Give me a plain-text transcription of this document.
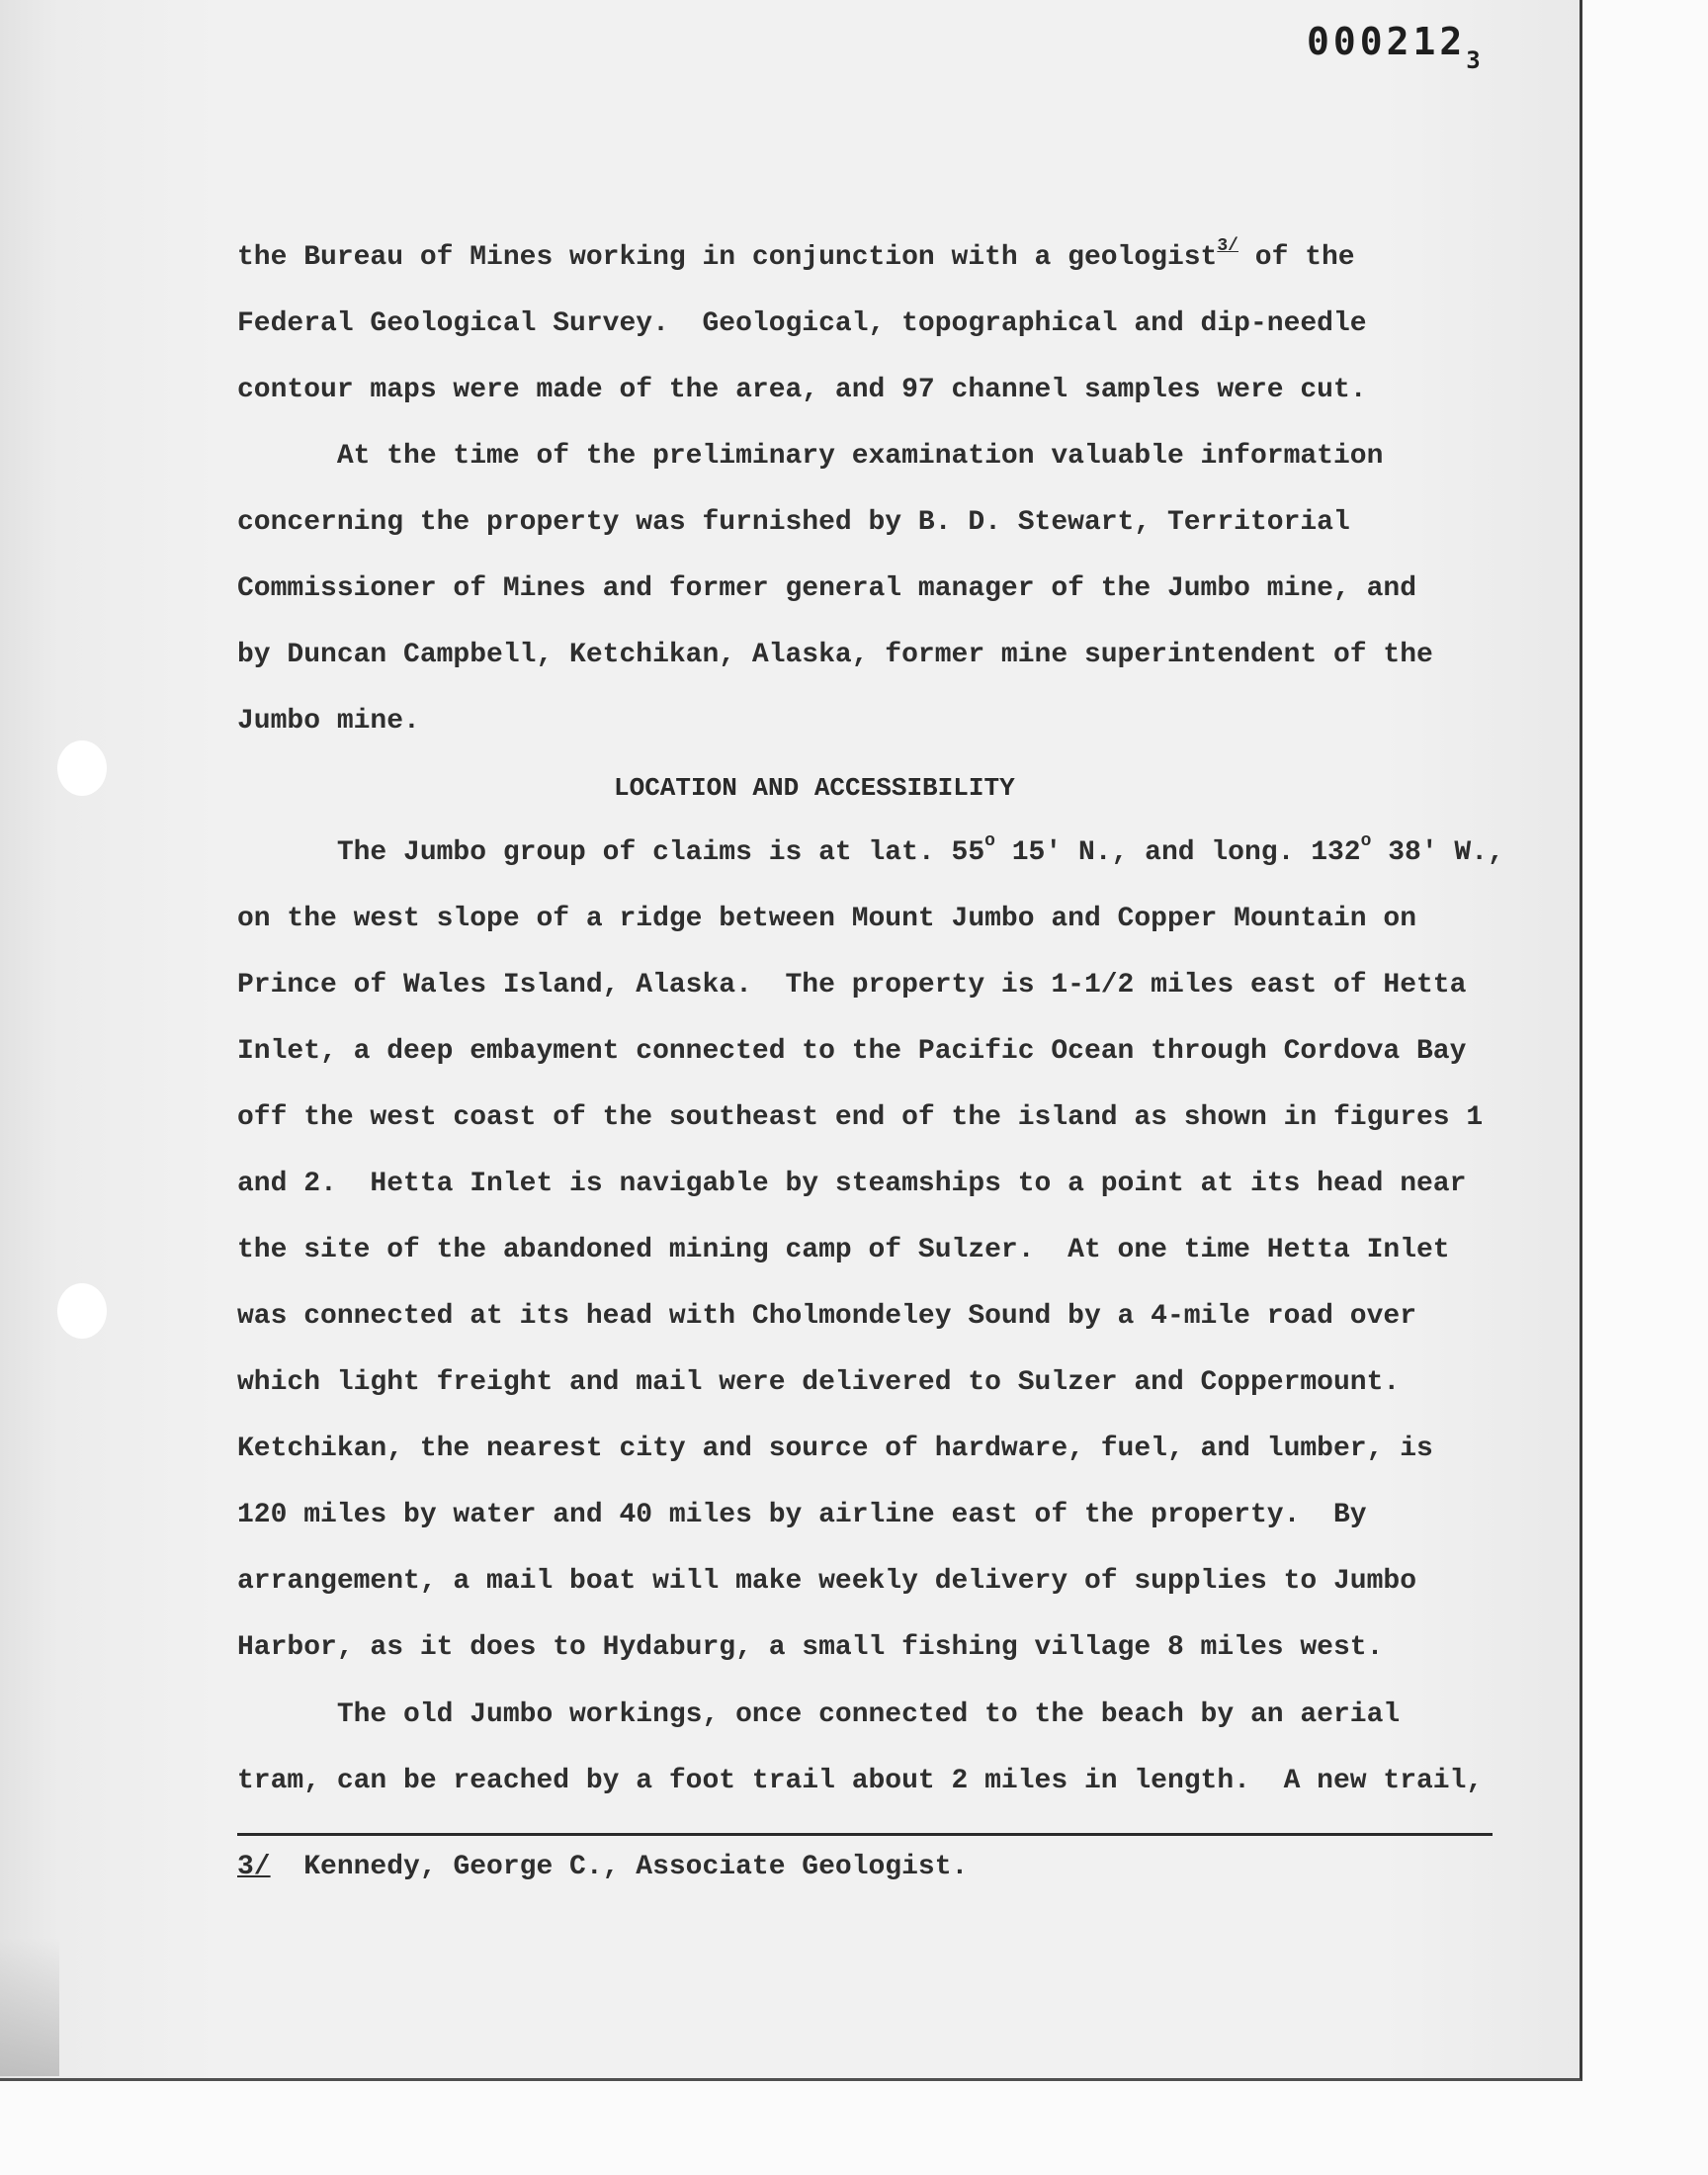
$000212_3$

the Bureau of Mines working in conjunction with a geologist$^{3/}$ of the

Federal Geological Survey.  Geological, topographical and dip-needle

contour maps were made of the area, and 97 channel samples were cut.

At the time of the preliminary examination valuable information

concerning the property was furnished by B. D. Stewart, Territorial

Commissioner of Mines and former general manager of the Jumbo mine, and

by Duncan Campbell, Ketchikan, Alaska, former mine superintendent of the

Jumbo mine.

LOCATION AND ACCESSIBILITY

The Jumbo group of claims is at lat. 55$^o$ 15' N., and long. 132$^o$ 38' W.,

on the west slope of a ridge between Mount Jumbo and Copper Mountain on

Prince of Wales Island, Alaska.  The property is 1-1/2 miles east of Hetta

Inlet, a deep embayment connected to the Pacific Ocean through Cordova Bay

off the west coast of the southeast end of the island as shown in figures 1

and 2.  Hetta Inlet is navigable by steamships to a point at its head near

the site of the abandoned mining camp of Sulzer.  At one time Hetta Inlet

was connected at its head with Cholmondeley Sound by a 4-mile road over

which light freight and mail were delivered to Sulzer and Coppermount.

Ketchikan, the nearest city and source of hardware, fuel, and lumber, is

120 miles by water and 40 miles by airline east of the property.  By

arrangement, a mail boat will make weekly delivery of supplies to Jumbo

Harbor, as it does to Hydaburg, a small fishing village 8 miles west.

The old Jumbo workings, once connected to the beach by an aerial

tram, can be reached by a foot trail about 2 miles in length.  A new trail,

3/  Kennedy, George C., Associate Geologist.
